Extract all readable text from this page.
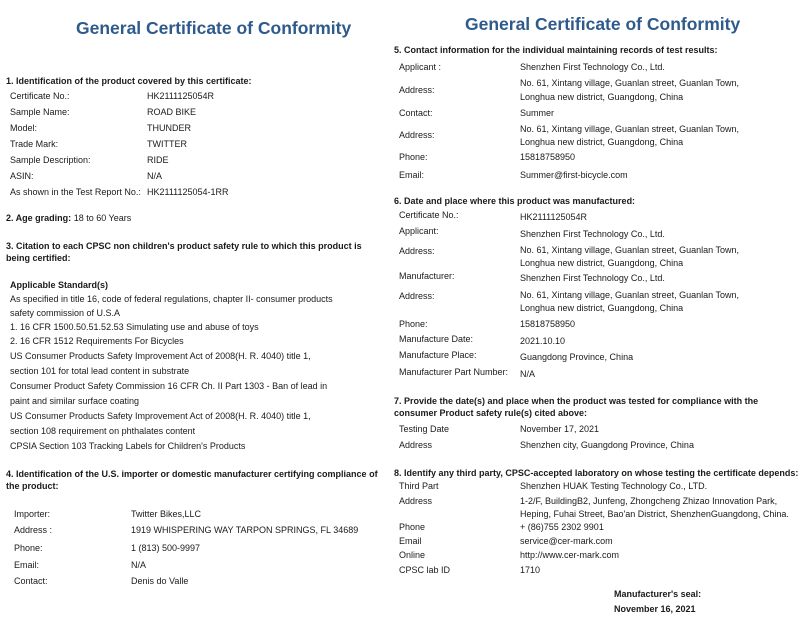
General Certificate of Conformity
1. Identification of the product covered by this certificate:
Certificate No.:	HK2111125054R
Sample Name:	ROAD BIKE
Model:	THUNDER
Trade Mark:	TWITTER
Sample Description:	RIDE
ASIN:	N/A
As shown in the Test Report No.: HK2111125054-1RR
2. Age grading: 18 to 60 Years
3. Citation to each CPSC non children's product safety rule to which this product is being certified:
Applicable Standard(s)
As specified in title 16, code of federal regulations, chapter II- consumer products
safety commission of U.S.A
1. 16 CFR 1500.50.51.52.53 Simulating use and abuse of toys
2. 16 CFR 1512 Requirements For Bicycles
US Consumer Products Safety Improvement Act of 2008(H. R. 4040) title 1,
section 101 for total lead content in substrate
Consumer Product Safety Commission 16 CFR Ch. II Part 1303 - Ban of lead in
paint and similar surface coating
US Consumer Products Safety Improvement Act of 2008(H. R. 4040) title 1,
section 108 requirement on phthalates content
CPSIA Section 103 Tracking Labels for Children's Products
4. Identification of the U.S. importer or domestic manufacturer certifying compliance of the product:
Importer:	Twitter Bikes,LLC
Address :	1919 WHISPERING WAY TARPON SPRINGS, FL 34689
Phone:	1 (813) 500-9997
Email:	N/A
Contact:	Denis do Valle
General Certificate of Conformity
5. Contact information for the individual maintaining records of test results:
Applicant :	Shenzhen First Technology Co., Ltd.
Address:
No. 61, Xintang village, Guanlan street, Guanlan Town,
Longhua new district, Guangdong, China
Contact:	Summer
Address:
No. 61, Xintang village, Guanlan street, Guanlan Town,
Longhua new district, Guangdong, China
Phone:	15818758950
Email:	Summer@first-bicycle.com
6. Date and place where this product was manufactured:
Certificate No.:	HK2111125054R
Applicant:	Shenzhen First Technology Co., Ltd.
Address:	No. 61, Xintang village, Guanlan street, Guanlan Town,
Longhua new district, Guangdong, China
Manufacturer:	Shenzhen First Technology Co., Ltd.
Address:	No. 61, Xintang village, Guanlan street, Guanlan Town,
Longhua new district, Guangdong, China
Phone:	15818758950
Manufacture Date:	2021.10.10
Manufacture Place:	Guangdong Province, China
Manufacturer Part Number: N/A
7. Provide the date(s) and place when the product was tested for compliance with the consumer Product safety rule(s) cited above:
Testing Date	November 17, 2021
Address	Shenzhen city, Guangdong Province, China
8. Identify any third party, CPSC-accepted laboratory on whose testing the certificate depends:
Third Part	Shenzhen HUAK Testing Technology Co., LTD.
Address	1-2/F, BuildingB2, Junfeng, Zhongcheng Zhizao Innovation Park,
Heping, Fuhai Street, Bao'an District, ShenzhenGuangdong, China.
Phone	+ (86)755 2302 9901
Email	service@cer-mark.com
Online	http://www.cer-mark.com
CPSC lab ID	1710
Manufacturer's seal:
November 16, 2021
